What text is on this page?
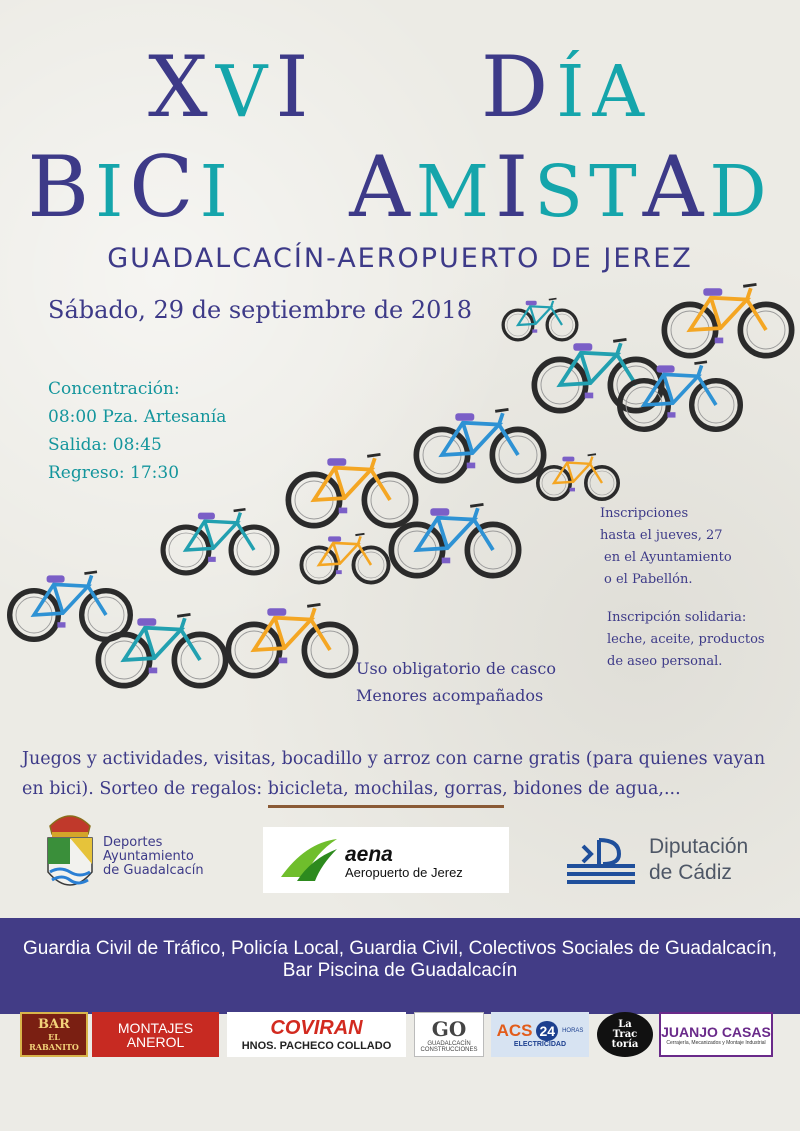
XVI DÍA
BICI AMISTAD
GUADALCACÍN-AEROPUERTO DE JEREZ
Sábado, 29 de septiembre de 2018
Concentración:
08:00 Pza. Artesanía
Salida: 08:45
Regreso: 17:30
Inscripciones
hasta el jueves, 27
en el Ayuntamiento
o el Pabellón.
Inscripción solidaria:
leche, aceite, productos
de aseo personal.
Uso obligatorio de casco
Menores acompañados
Juegos y actividades, visitas, bocadillo y arroz con carne gratis (para quienes vayan en bici). Sorteo de regalos: bicicleta, mochilas, gorras, bidones de agua,...
Deportes
Ayuntamiento
de Guadalcacín
aena
Aeropuerto de Jerez
Diputación
de Cádiz
Guardia Civil de Tráfico, Policía Local, Guardia Civil, Colectivos Sociales de Guadalcacín, Bar Piscina de Guadalcacín
BAR
EL RABANITO
MONTAJES
ANEROL
COVIRAN
HNOS. PACHECO COLLADO
GO
GUADALCACÍN
CONSTRUCCIONES
ACS 24	HORAS
ELECTRICIDAD
La
Trac
toría
JUANJO CASAS
Cerrajería, Mecanizados y Montaje Industrial
